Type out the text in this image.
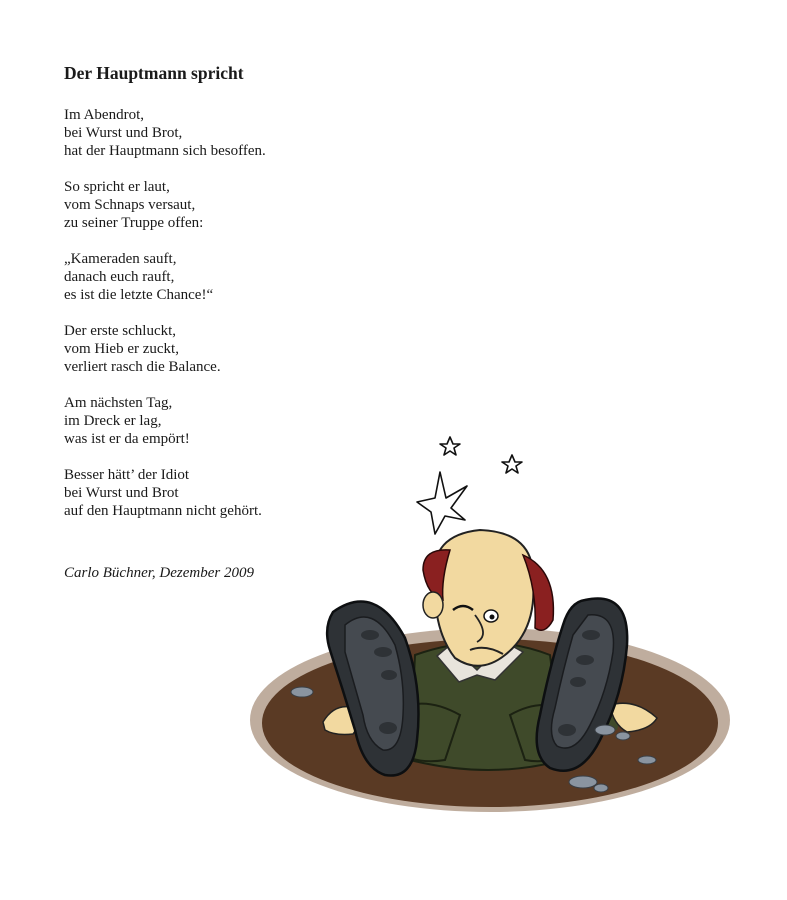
Der Hauptmann spricht

Im Abendrot,
bei Wurst und Brot,
hat der Hauptmann sich besoffen.

So spricht er laut,
vom Schnaps versaut,
zu seiner Truppe offen:

„Kameraden sauft,
danach euch rauft,
es ist die letzte Chance!“

Der erste schluckt,
vom Hieb er zuckt,
verliert rasch die Balance.

Am nächsten Tag,
im Dreck er lag,
was ist er da empört!

Besser hätt’ der Idiot
bei Wurst und Brot
auf den Hauptmann nicht gehört.

Carlo Büchner, Dezember 2009
